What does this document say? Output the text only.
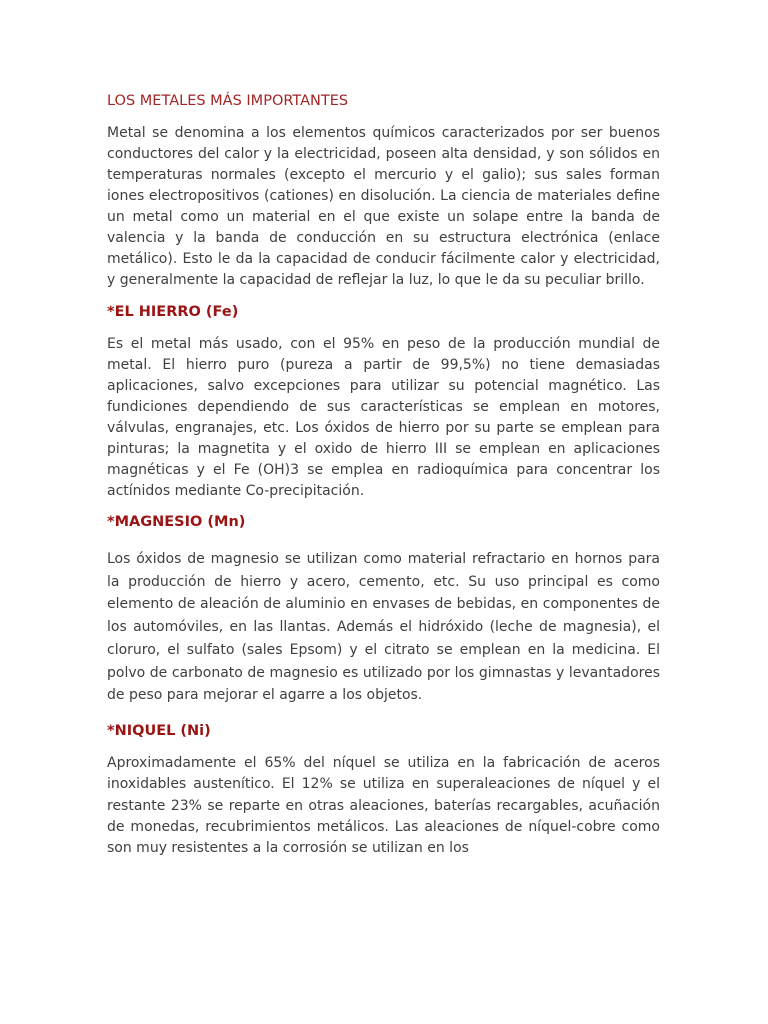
LOS METALES MÁS IMPORTANTES

Metal se denomina a los elementos químicos caracterizados por ser buenos conductores del calor y la electricidad, poseen alta densidad, y son sólidos en temperaturas normales (excepto el mercurio y el galio); sus sales forman iones electropositivos (cationes) en disolución. La ciencia de materiales define un metal como un material en el que existe un solape entre la banda de valencia y la banda de conducción en su estructura electrónica (enlace metálico). Esto le da la capacidad de conducir fácilmente calor y electricidad, y generalmente la capacidad de reflejar la luz, lo que le da su peculiar brillo.

*EL HIERRO (Fe)

Es el metal más usado, con el 95% en peso de la producción mundial de metal. El hierro puro (pureza a partir de 99,5%) no tiene demasiadas aplicaciones, salvo excepciones para utilizar su potencial magnético. Las fundiciones dependiendo de sus características se emplean en motores, válvulas, engranajes, etc. Los óxidos de hierro por su parte se emplean para pinturas; la magnetita y el oxido de hierro III se emplean en aplicaciones magnéticas y el Fe (OH)3 se emplea en radioquímica para concentrar los actínidos mediante Co-precipitación.

*MAGNESIO (Mn)

Los óxidos de magnesio se utilizan como material refractario en hornos para la producción de hierro y acero, cemento, etc. Su uso principal es como elemento de aleación de aluminio en envases de bebidas, en componentes de los automóviles, en las llantas. Además el hidróxido (leche de magnesia), el cloruro, el sulfato (sales Epsom) y el citrato se emplean en la medicina. El polvo de carbonato de magnesio es utilizado por los gimnastas y levantadores de peso para mejorar el agarre a los objetos.

*NIQUEL (Ni)

Aproximadamente el 65% del níquel se utiliza en la fabricación de aceros inoxidables austenítico. El 12% se utiliza en superaleaciones de níquel y el restante 23% se reparte en otras aleaciones, baterías recargables, acuñación de monedas, recubrimientos metálicos. Las aleaciones de níquel-cobre como son muy resistentes a la corrosión se utilizan en los
